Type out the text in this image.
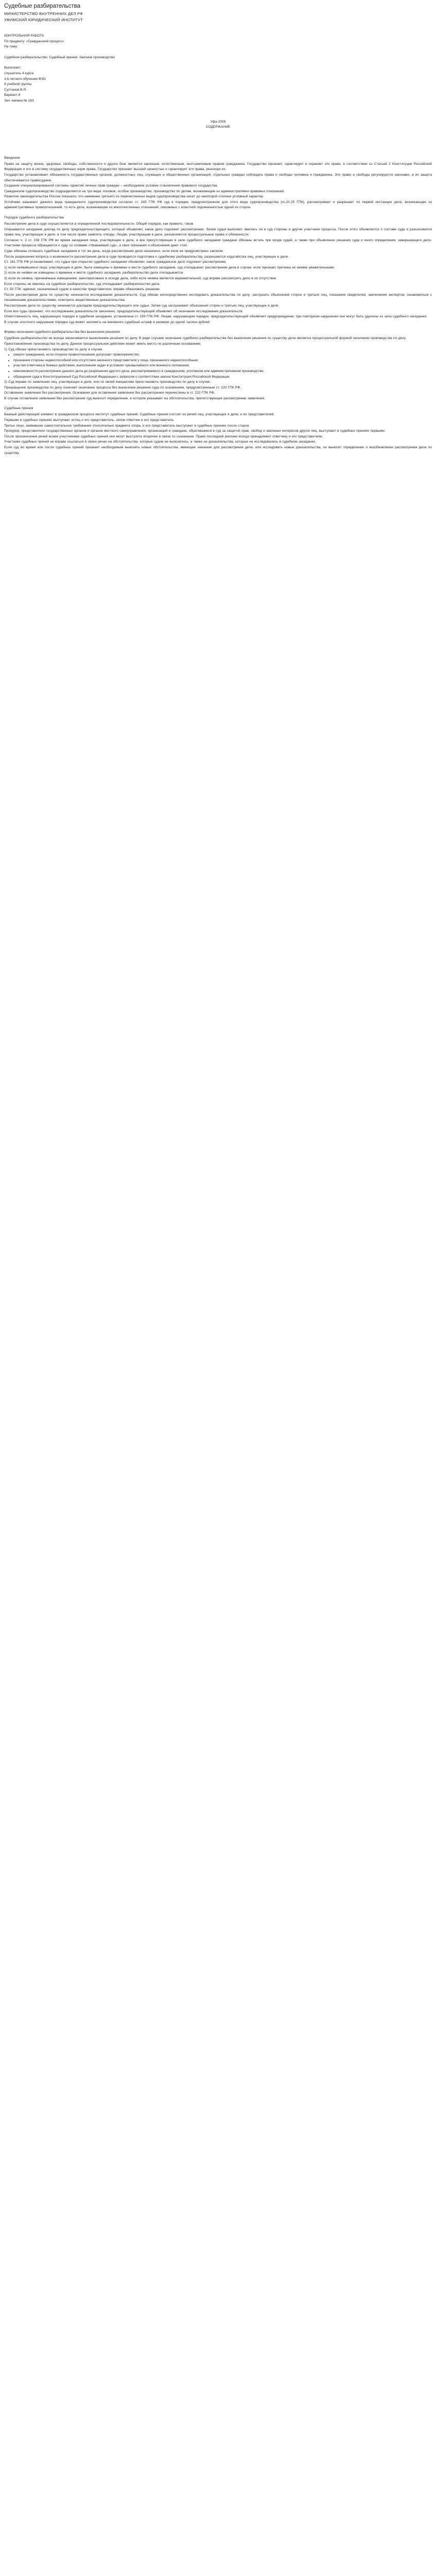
Судебные разбирательства
МИНИСТЕРСТВО ВНУТРЕННИХ ДЕЛ РФ
УФИМСКИЙ ЮРИДИЧЕСКИЙ ИНСТИТУТ
КОНТРОЛЬНАЯ РАБОТА
По предмету: «Гражданский процесс»
На тему:
Судебное разбирательство. Судебный прения. Заочное производство
Выполнил:
слушатель 4 курса
3,6 летнего обучения ФЗО
8 учебной группы
Султанов В.Я.
Вариант 6
Зач. книжка № 163
Уфа 2005
СОДЕРЖАНИЕ
Введение

Право на защиту жизни, здоровья, свободы, собственности и других благ является законным, естественным, неотъемлемым правом гражданина. Государство признает, гарантирует и охраняет это право, в соответствии со Статьей 2 Конституции Российской Федерации и его в систему государственных норм права. Государство признает высшей ценностью и гарантирует эти права, реализуя их.

Государство устанавливает обязанность государственных органов, должностных лиц, служащих и общественных организаций, отдельных граждан соблюдать права и свободы человека и гражданина. Это право и свободы регулируются законами, а их защита обеспечивается правосудием.

Создание специализированной системы гарантий личных прав граждан – необходимое условие становления правового государства.

Гражданское судопроизводство подразделяется на три вида: исковое, особое производство, производство по делам, возникающим из административно-правовых отношений.

Развитие законодательства России показало, что наименее третьего из перечисленных видов судопроизводства несет до некоторой степени условный характер.

Устойчиво называют данного вида гражданского судопроизводства согласно ст. 245 ГПК РФ суд в порядке, предусмотренном для этого вида судопроизводства (гл.22-25 ГПК), рассматривает и разрешает по первой инстанции дела, возникающие из административных правоотношений, то есть дела, возникающие из многочисленных отношений, связанных с властной подчиненностью одной из сторон.

Порядок судебного разбирательства

Рассмотрение дела в суде осуществляется в определенной последовательности. Общий порядок, как правило, таков.

Открывается заседание доклад по делу председательствующего, который объявляет, какое дело подлежит рассмотрению. Затем судья выясняет, явились ли в суд стороны и другие участники процесса. После этого объявляется о составе суда и разъясняются права лиц, участвующих в деле, в том числе право заявлять отводы. Лицам, участвующим в деле, разъясняются процессуальные права и обязанности.

Согласно ч. 2 ст. 158 ГПК РФ во время заседания лица, участвующие в деле, и все присутствующие в зале судебного заседания граждане обязаны встать при входе судей, а также при объявлении решения суда и иного определения, завершающего дело. Участники процесса обращаются к суду со словами «Уважаемый суд», а свои показания и объяснения дают стоя.

Суды обязаны оглашать судебные заседания в тот же день, когда рассмотрение дела назначено, если иное не предусмотрено законом.

После разрешения вопроса о возможности рассмотрения дела в суде проводится подготовка к судебному разбирательству, разрешаются ходатайства лиц, участвующих в деле.

Ст. 161 ГПК РФ устанавливает, что судья при открытии судебного заседания объявляет, какое гражданское дело подлежит рассмотрению.

1) если неявившиеся лица, участвующие в деле, были извещены о времени и месте судебного заседания, суд откладывает рассмотрение дела в случае, если признает причины их неявки уважительными;

2) если их неявки не извещены о времени и месте судебного заседания, разбирательство дела откладывается.

3) если их неявка, причинённые извещением, заинтересовано в исходе дела, либо если неявка является неуважительной, суд вправе рассмотреть дело в их отсутствие.

Если стороны не явились на судебное разбирательство, суд откладывает разбирательство дела.

Ст. 50 ГПК: адвокат, назначенный судом в качестве представителя, вправе обжаловать решение.

После рассмотрения дела по существу начинается исследование доказательств. Суд обязан непосредственно исследовать доказательства по делу: заслушать объяснения сторон и третьих лиц, показания свидетелей, заключения экспертов, ознакомиться с письменными доказательствами, осмотреть вещественные доказательства.

Рассмотрение дела по существу начинается докладом председательствующего или судьи. Затем суд заслушивает объяснения сторон и третьих лиц, участвующих в деле.

Если все суды признают, что исследование доказательств закончено, председательствующий объявляет об окончании исследования доказательств.

Ответственность лиц, нарушающих порядок в судебном заседании, установлена ст. 159 ГПК РФ. Лицам, нарушающим порядок, председательствующий объявляет предупреждение; при повторном нарушении они могут быть удалены из зала судебного заседания.

В случае злостного нарушения порядка суд может наложить на виновного судебный штраф в размере до одной тысячи рублей.

Формы окончания судебного разбирательства без вынесения решения

Судебное разбирательство не всегда заканчивается вынесением решения по делу. В ряде случаев окончание судебного разбирательства без вынесения решения по существу дела является процессуальной формой окончания производства по делу.

Приостановление производства по делу. Данное процессуальное действие может иметь место по различным основаниям.

1) Суд обязан приостановить производство по делу в случае:

• смерти гражданина, если спорное правоотношение допускает правопреемство;
• признания стороны недееспособной или отсутствия законного представителя у лица, признанного недееспособным;
• участия ответчика в боевых действиях, выполнения задач в условиях чрезвычайного или военного положения;
• невозможности рассмотрения данного дела до разрешения другого дела, рассматриваемого в гражданском, уголовном или административном производстве;
• обращения суда в Конституционный Суд Российской Федерации с запросом о соответствии закона Конституции Российской Федерации.

2) Суд вправе по заявлению лиц, участвующих в деле, или по своей инициативе приостановить производство по делу в случае:

Прекращение производства по делу означает окончание процесса без вынесения решения суда по основаниям, предусмотренным ст. 220 ГПК РФ.

Оставление заявления без рассмотрения. Основания для оставления заявления без рассмотрения перечислены в ст. 222 ГПК РФ.

В случае оставления заявления без рассмотрения суд выносит определение, в котором указывает на обстоятельства, препятствующие рассмотрению заявления.

Судебные прения

Важный действующий элемент в гражданском процессе институт судебных прений. Судебные прения состоят из речей лиц, участвующих в деле, и их представителей.

Первыми в судебных прениях выступают истец и его представитель, затем ответчик и его представитель.

Третье лицо, заявившее самостоятельное требование относительно предмета спора, и его представитель выступают в судебных прениях после сторон.

Прокурор, представители государственных органов и органов местного самоуправления, организаций и граждане, обратившиеся в суд за защитой прав, свобод и законных интересов других лиц, выступают в судебных прениях первыми.

После произнесения речей всеми участниками судебных прений они могут выступить вторично в связи со сказанным. Право последней реплики всегда принадлежит ответчику и его представителю.

Участники судебных прений не вправе ссылаться в своих речах на обстоятельства, которые судом не выяснялись, а также на доказательства, которые не исследовались в судебном заседании.

Если суд во время или после судебных прений признает необходимым выяснить новые обстоятельства, имеющие значение для рассмотрения дела, или исследовать новые доказательства, он выносит определение о возобновлении рассмотрения дела по существу.
